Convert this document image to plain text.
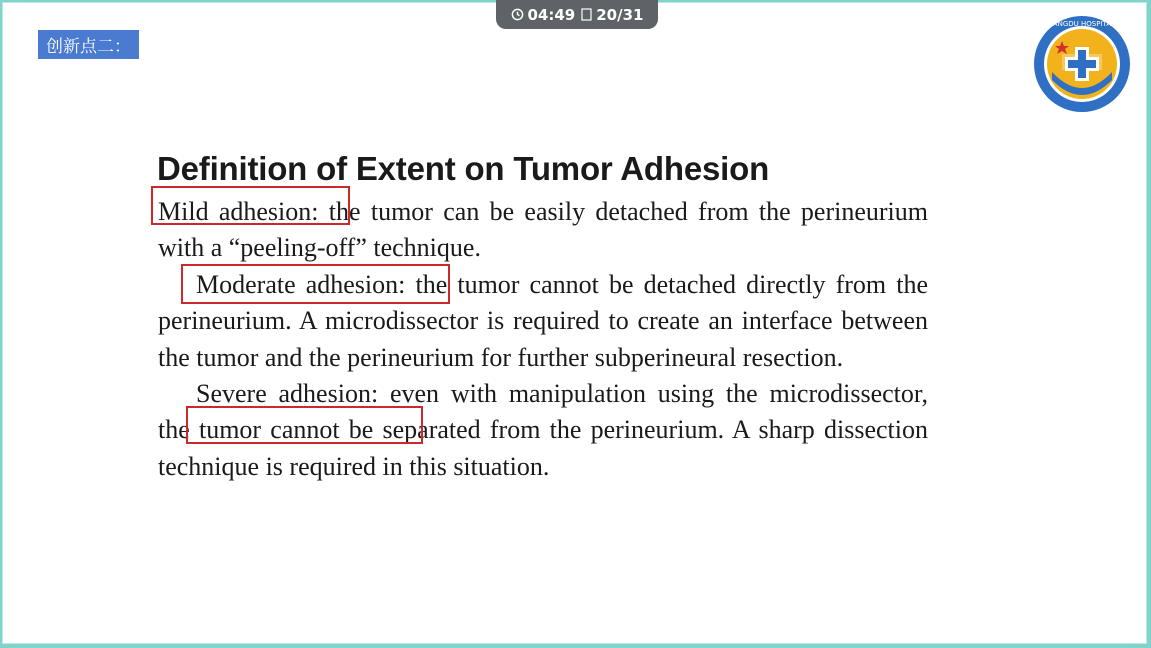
创新点二：
TANGDU HOSPITAL
Definition of Extent on Tumor Adhesion

Mild adhesion: the tumor can be easily detached from the perineurium with a “peeling-off” technique.

Moderate adhesion: the tumor cannot be detached directly from the perineurium. A microdissector is required to create an interface between the tumor and the perineurium for further subperineural resection.

Severe adhesion: even with manipulation using the microdissector, the tumor cannot be separated from the perineurium. A sharp dissection technique is required in this situation.

04:49 20/31
